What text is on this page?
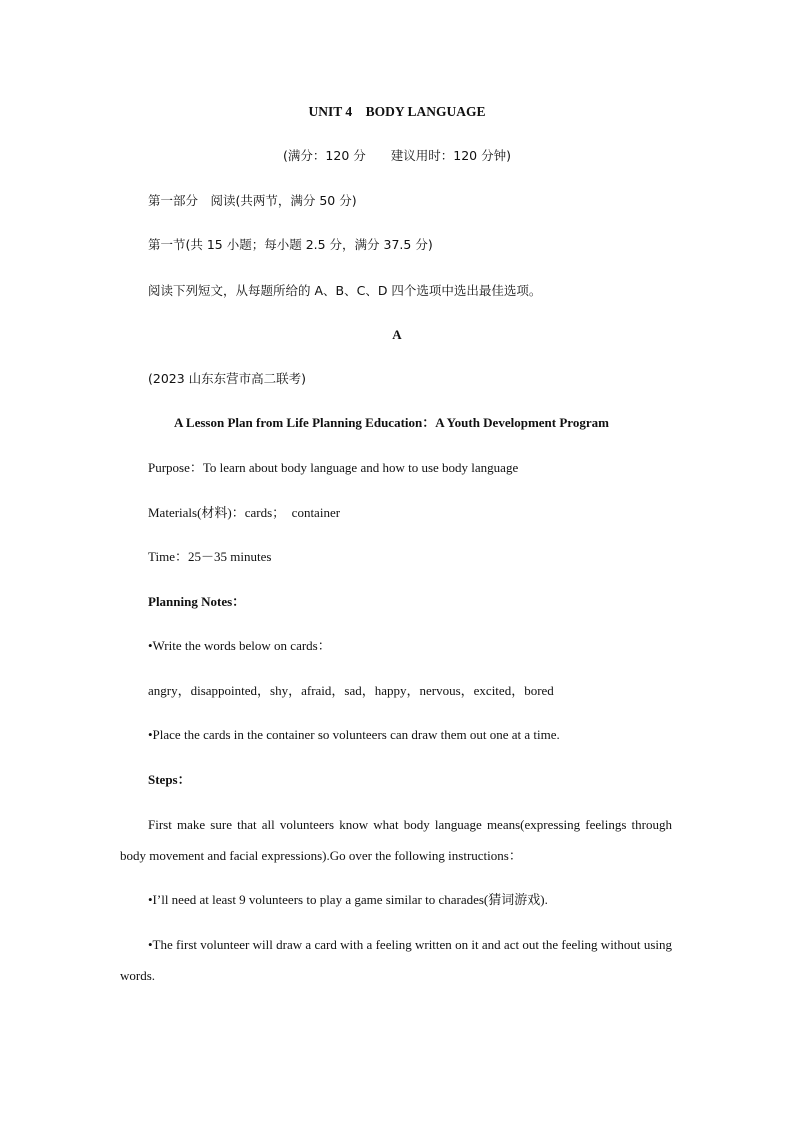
UNIT 4　BODY LANGUAGE
(满分：120 分　　建议用时：120 分钟)
第一部分　阅读(共两节，满分 50 分)
第一节(共 15 小题；每小题 2.5 分，满分 37.5 分)
阅读下列短文，从每题所给的 A、B、C、D 四个选项中选出最佳选项。
A
(2023 山东东营市高二联考)
A Lesson Plan from Life Planning Education：A Youth Development Program
Purpose：To learn about body language and how to use body language
Materials(材料)：cards；　container
Time：25－35 minutes
Planning Notes：
•Write the words below on cards：
angry，disappointed，shy，afraid，sad，happy，nervous，excited，bored
•Place the cards in the container so volunteers can draw them out one at a time.
Steps：
First make sure that all volunteers know what body language means(expressing feelings through body movement and facial expressions).Go over the following instructions：
•I’ll need at least 9 volunteers to play a game similar to charades(猜词游戏).
•The first volunteer will draw a card with a feeling written on it and act out the feeling without using words.
